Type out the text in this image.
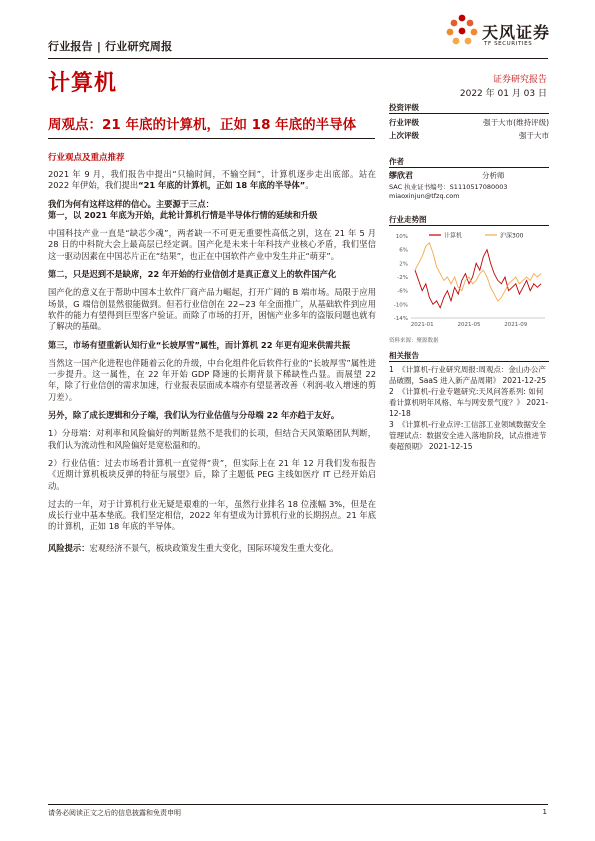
行业报告 | 行业研究周报
天风证券
TF SECURITIES
计算机	证券研究报告
2022 年 01 月 03 日
周观点：21 年底的计算机，正如 18 年底的半导体
投资评级
行业评级	强于大市(维持评级)
上次评级	强于大市
作者
缪欣君	分析师
SAC 执业证书编号：S1110517080003
miaoxinjun@tfzq.com
行业走势图
计算机	沪深300
10%
6%
2%
-2%
-6%
-10%
-14%
2021-01	2021-05	2021-09
资料来源：聚源数据
相关报告
1 《计算机-行业研究周报:周观点：金山办公产品破圈，SaaS 进入新产品周期》 2021-12-25
2 《计算机-行业专题研究:天风问答系列: 如何看计算机明年风格、车与网安景气度？》 2021-12-18
3 《计算机-行业点评:工信部工业领域数据安全管理试点：数据安全进入落地阶段，试点推进节奏超预期》 2021-12-15
行业观点及重点推荐

2021 年 9 月，我们报告中提出“只输时间，不输空间”，计算机逐步走出底部。站在 2022 年伊始，我们提出“21 年底的计算机，正如 18 年底的半导体”。

我们为何有这样这样的信心。主要源于三点：

第一，以 2021 年底为开始，此轮计算机行情是半导体行情的延续和升级

中国科技产业一直是“缺芯少魂”，两者缺一不可更无重要性高低之别，这在 21 年 5 月 28 日的中科院大会上最高层已经定调。国产化是未来十年科技产业核心矛盾，我们坚信这一驱动因素在中国芯片正在“结果”，也正在中国软件产业中发生并正“萌芽”。

第二，只是迟到不是缺席，22 年开始的行业信创才是真正意义上的软件国产化

国产化的意义在于帮助中国本土软件厂商产品力崛起，打开广阔的 B 端市场。局限于应用场景，G 端信创显然很能做到。但若行业信创在 22~23 年全面推广，从基础软件到应用软件的能力有望得到巨型客户验证。而除了市场的打开，困恼产业多年的盗版问题也就有了解决的基础。

第三，市场有望重新认知行业“长坡厚雪”属性，而计算机 22 年更有迎来供需共振

当然这一国产化进程也伴随着云化的升级，中台化组件化后软件行业的“长坡厚雪”属性进一步提升。这一属性，在 22 年开始 GDP 降速的长期背景下稀缺性凸显。而展望 22 年，除了行业信创的需求加速，行业报表层面成本端亦有望显著改善（利润-收入增速的剪刀差）。

另外，除了成长逻辑和分子端，我们认为行业估值与分母端 22 年亦趋于友好。

1）分母端：对利率和风险偏好的判断显然不是我们的长项，但结合天风策略团队判断，我们认为流动性和风险偏好是宽松温和的。

2）行业估值：过去市场看计算机一直觉得“贵”，但实际上在 21 年 12 月我们发布报告《近期计算机板块反弹的特征与展望》后，除了主题低 PEG 主线如医疗 IT 已经开始启动。

过去的一年，对于计算机行业无疑是艰难的一年，虽然行业排名 18 位涨幅 3%，但是在成长行业中基本垫底。我们坚定相信，2022 年有望成为计算机行业的长期拐点。21 年底的计算机，正如 18 年底的半导体。

风险提示：宏观经济不景气，板块政策发生重大变化，国际环境发生重大变化。

请务必阅读正文之后的信息披露和免责申明	1
